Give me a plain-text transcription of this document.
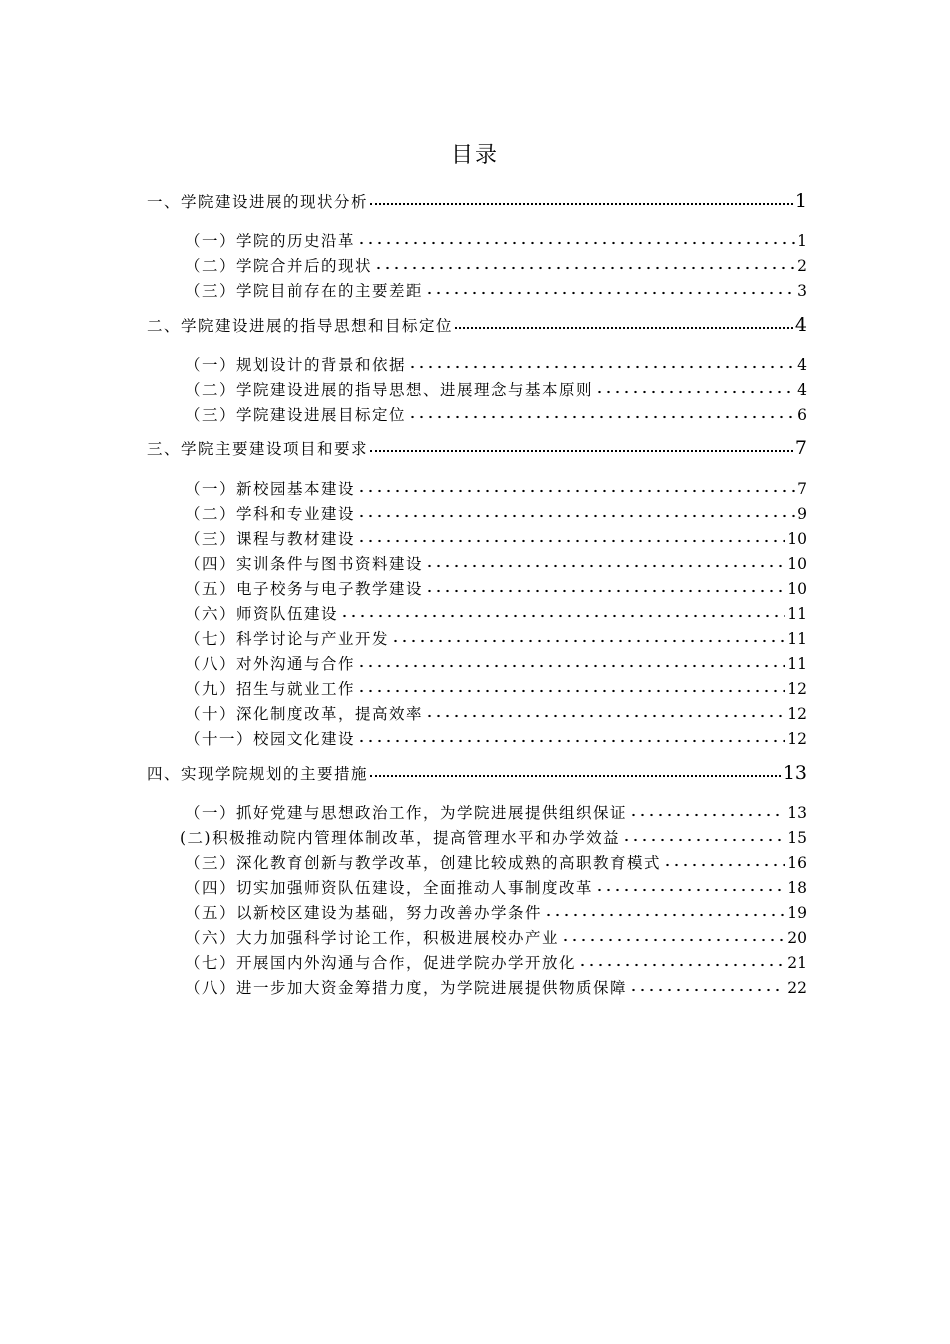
目录
一、学院建设进展的现状分析	1
（一）学院的历史沿革	1
（二）学院合并后的现状	2
（三）学院目前存在的主要差距	3
二、学院建设进展的指导思想和目标定位	4
（一）规划设计的背景和依据	4
（二）学院建设进展的指导思想、进展理念与基本原则	4
（三）学院建设进展目标定位	6
三、学院主要建设项目和要求	7
（一）新校园基本建设	7
（二）学科和专业建设	9
（三）课程与教材建设	10
（四）实训条件与图书资料建设	10
（五）电子校务与电子教学建设	10
（六）师资队伍建设	11
（七）科学讨论与产业开发	11
（八）对外沟通与合作	11
（九）招生与就业工作	12
（十）深化制度改革，提高效率	12
（十一）校园文化建设	12
四、实现学院规划的主要措施	13
（一）抓好党建与思想政治工作，为学院进展提供组织保证	13
(二)积极推动院内管理体制改革，提高管理水平和办学效益	15
（三）深化教育创新与教学改革，创建比较成熟的高职教育模式	16
（四）切实加强师资队伍建设，全面推动人事制度改革	18
（五）以新校区建设为基础，努力改善办学条件	19
（六）大力加强科学讨论工作，积极进展校办产业	20
（七）开展国内外沟通与合作，促进学院办学开放化	21
（八）进一步加大资金筹措力度，为学院进展提供物质保障	22
